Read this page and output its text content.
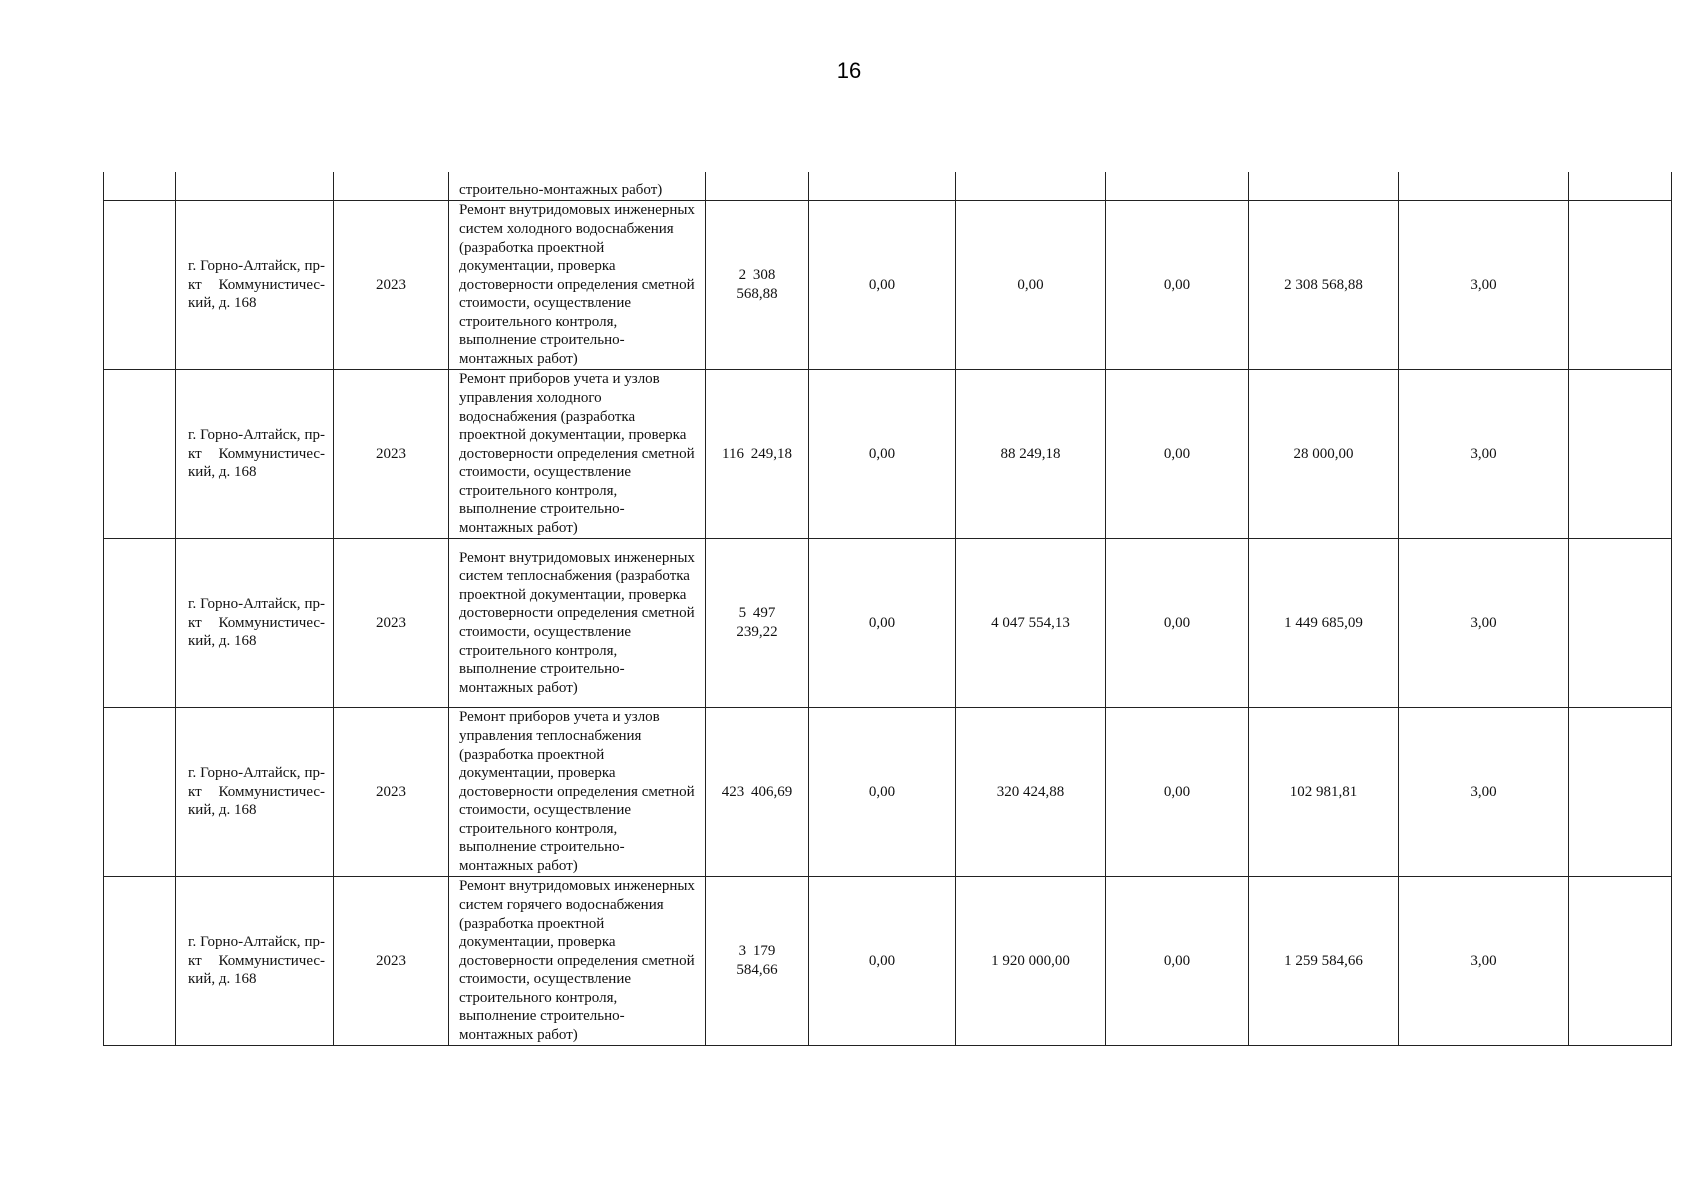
16
			строительно-монтажных работ)							
	г. Горно-Алтайск, пр-кт Коммунистичес-кий, д. 168	2023	Ремонт внутридомовых инженерных систем холодного водоснабжения (разработка проектной документации, проверка достоверности определения сметной стоимости, осуществление строительного контроля, выполнение строительно-монтажных работ)	2 308 568,88	0,00	0,00	0,00	2 308 568,88	3,00	
	г. Горно-Алтайск, пр-кт Коммунистичес-кий, д. 168	2023	Ремонт приборов учета и узлов управления холодного водоснабжения (разработка проектной документации, проверка достоверности определения сметной стоимости, осуществление строительного контроля, выполнение строительно-монтажных работ)	116 249,18	0,00	88 249,18	0,00	28 000,00	3,00	
	г. Горно-Алтайск, пр-кт Коммунистичес-кий, д. 168	2023	Ремонт внутридомовых инженерных систем теплоснабжения (разработка проектной документации, проверка достоверности определения сметной стоимости, осуществление строительного контроля, выполнение строительно-монтажных работ)	5 497 239,22	0,00	4 047 554,13	0,00	1 449 685,09	3,00	
	г. Горно-Алтайск, пр-кт Коммунистичес-кий, д. 168	2023	Ремонт приборов учета и узлов управления теплоснабжения (разработка проектной документации, проверка достоверности определения сметной стоимости, осуществление строительного контроля, выполнение строительно-монтажных работ)	423 406,69	0,00	320 424,88	0,00	102 981,81	3,00	
	г. Горно-Алтайск, пр-кт Коммунистичес-кий, д. 168	2023	Ремонт внутридомовых инженерных систем горячего водоснабжения (разработка проектной документации, проверка достоверности определения сметной стоимости, осуществление строительного контроля, выполнение строительно-монтажных работ)	3 179 584,66	0,00	1 920 000,00	0,00	1 259 584,66	3,00	
